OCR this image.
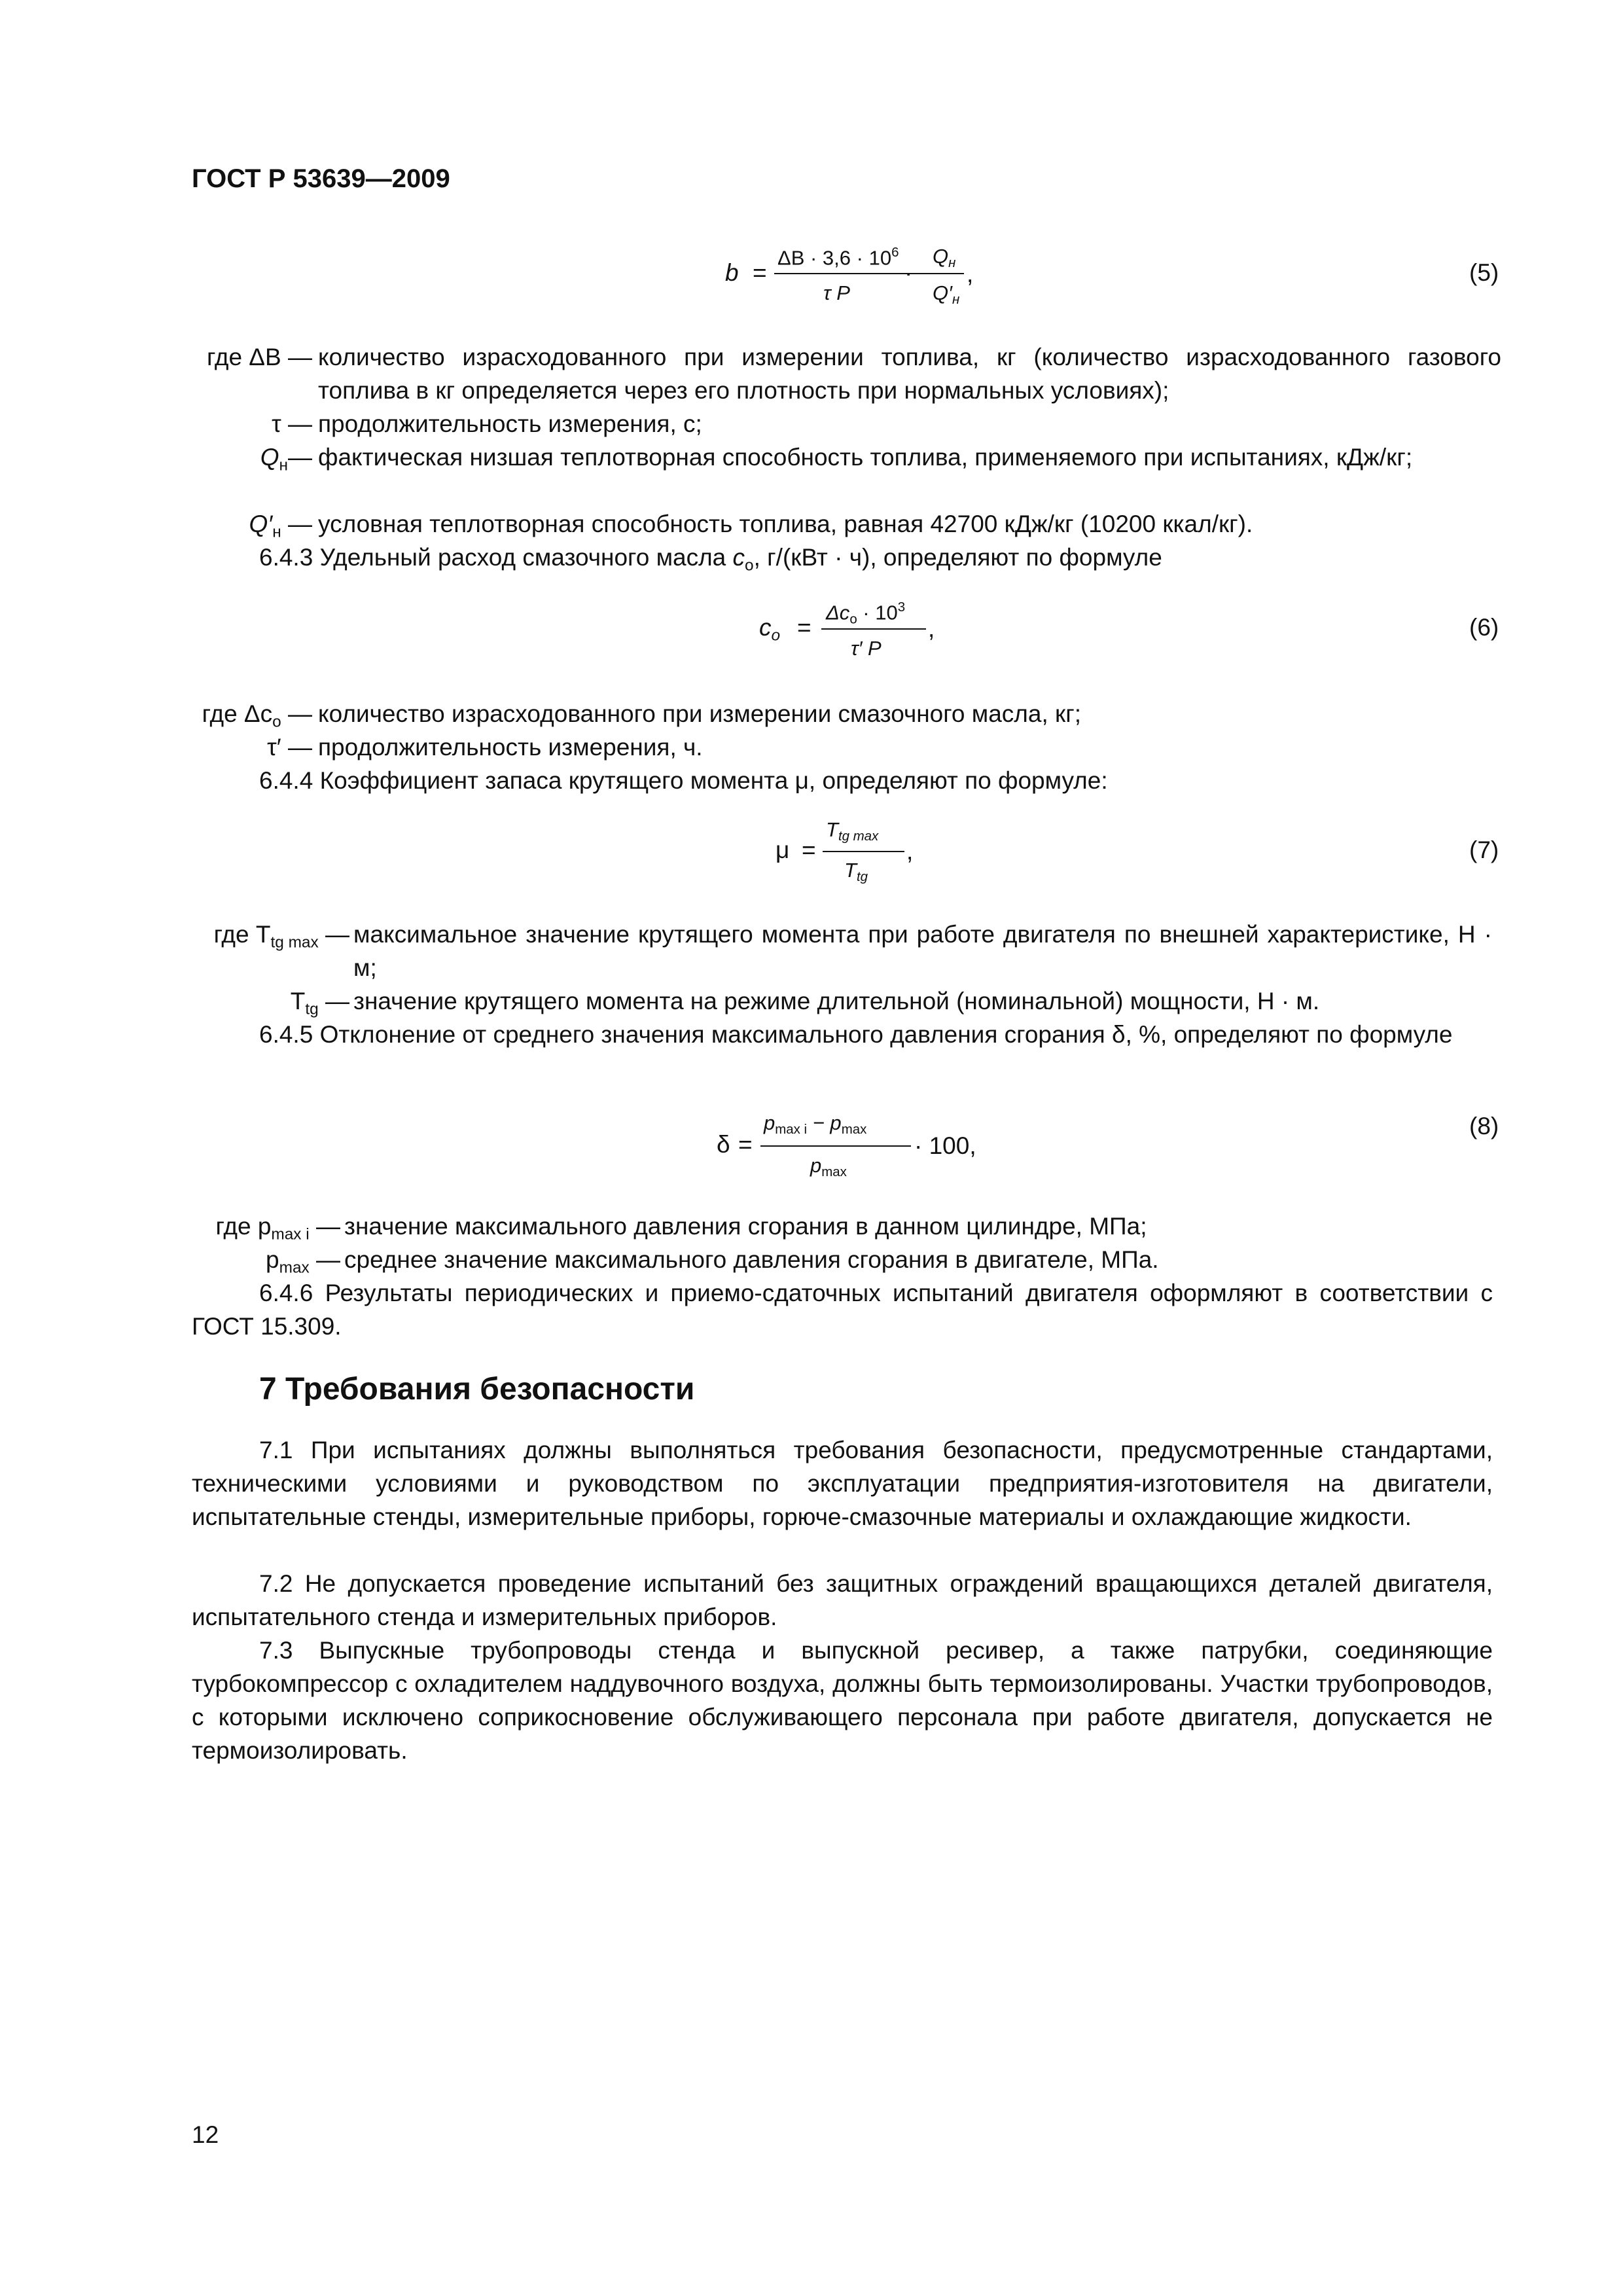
ГОСТ Р 53639—2009
b =
$\Delta B \cdot 3,6 \cdot 10^6$
τ P
·
$Q_н$
$Q'_н$
,	(5)
где ΔB — количество израсходованного при измерении топлива, кг (количество израсходованного газового топлива в кг определяется через его плотность при нормальных условиях);
τ — продолжительность измерения, с;
$Q_н—$ фактическая низшая теплотворная способность топлива, применяемого при испытаниях, кДж/кг;
$Q'_н$ — условная теплотворная способность топлива, равная 42700 кДж/кг (10200 ккал/кг).

6.4.3 Удельный расход смазочного масла $c_о$, г/(кВт · ч), определяют по формуле

$c_о$ =
$\Delta c_о \cdot 10^3$
τ′ P
,	(6)
где $\Delta c_о$ — количество израсходованного при измерении смазочного масла, кг;
τ′ — продолжительность измерения, ч.

6.4.4 Коэффициент запаса крутящего момента μ, определяют по формуле:

μ =
$T_{tg max}$
$T_{tg}$
,	(7)
где $T_{tg max}$ — максимальное значение крутящего момента при работе двигателя по внешней характеристике, Н · м;
$T_{tg}$ — значение крутящего момента на режиме длительной (номинальной) мощности, Н · м.

6.4.5 Отклонение от среднего значения максимального давления сгорания δ, %, определяют по формуле

δ =
$p_{max i} - p_{max}$
$p_{max}$
· 100,
(8)
где $p_{max i}$ — значение максимального давления сгорания в данном цилиндре, МПа;
$p_{max}$ — среднее значение максимального давления сгорания в двигателе, МПа.

6.4.6 Результаты периодических и приемо-сдаточных испытаний двигателя оформляют в соответствии с ГОСТ 15.309.

7 Требования безопасности

7.1 При испытаниях должны выполняться требования безопасности, предусмотренные стандартами, техническими условиями и руководством по эксплуатации предприятия-изготовителя на двигатели, испытательные стенды, измерительные приборы, горюче-смазочные материалы и охлаждающие жидкости.

7.2 Не допускается проведение испытаний без защитных ограждений вращающихся деталей двигателя, испытательного стенда и измерительных приборов.

7.3 Выпускные трубопроводы стенда и выпускной ресивер, а также патрубки, соединяющие турбокомпрессор с охладителем наддувочного воздуха, должны быть термоизолированы. Участки трубопроводов, с которыми исключено соприкосновение обслуживающего персонала при работе двигателя, допускается не термоизолировать.

12
